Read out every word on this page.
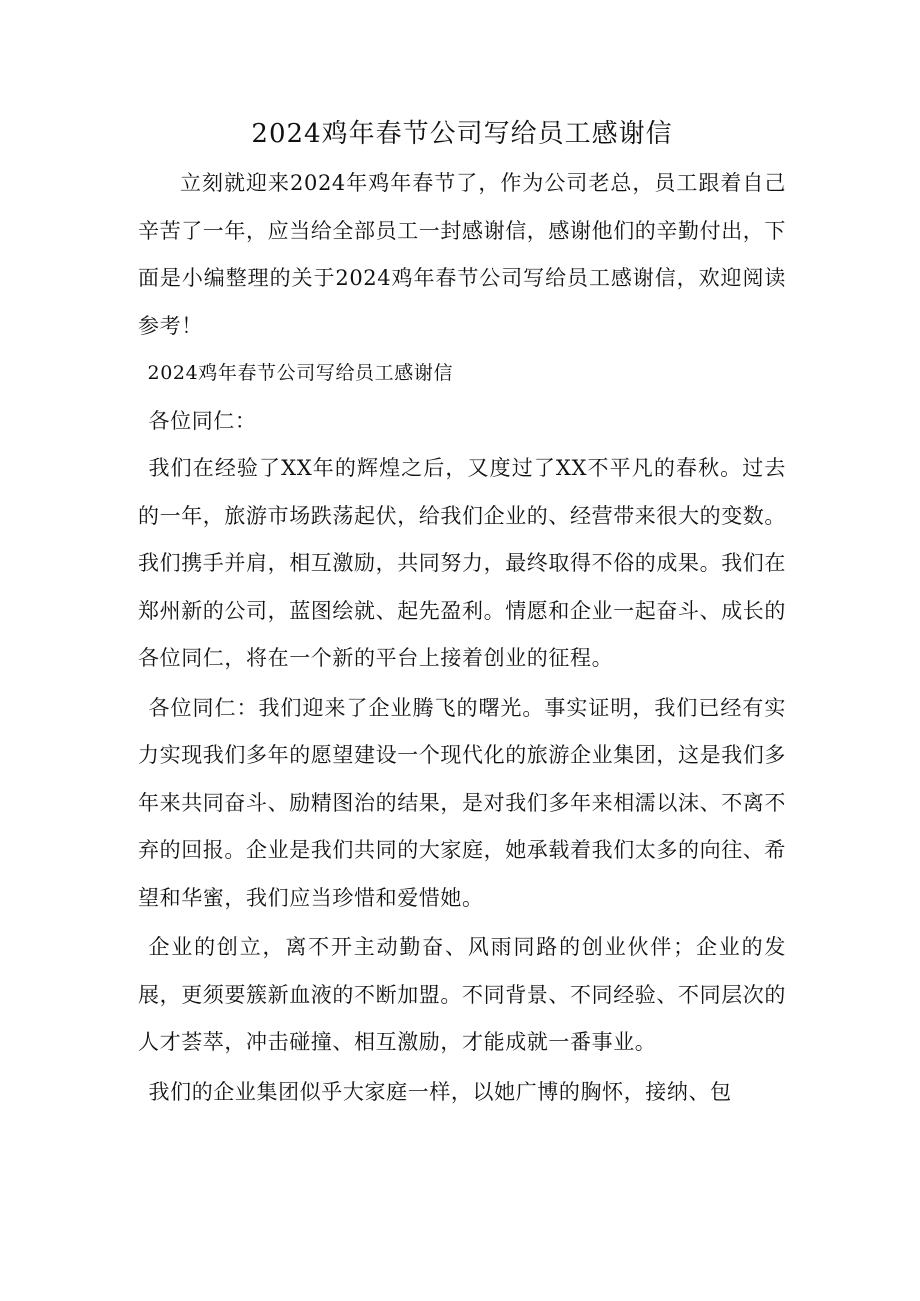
2024鸡年春节公司写给员工感谢信

立刻就迎来2024年鸡年春节了，作为公司老总，员工跟着自己辛苦了一年，应当给全部员工一封感谢信，感谢他们的辛勤付出，下面是小编整理的关于2024鸡年春节公司写给员工感谢信，欢迎阅读参考！

2024鸡年春节公司写给员工感谢信

各位同仁：

我们在经验了XX年的辉煌之后，又度过了XX不平凡的春秋。过去的一年，旅游市场跌荡起伏，给我们企业的、经营带来很大的变数。我们携手并肩，相互激励，共同努力，最终取得不俗的成果。我们在郑州新的公司，蓝图绘就、起先盈利。情愿和企业一起奋斗、成长的各位同仁，将在一个新的平台上接着创业的征程。

各位同仁：我们迎来了企业腾飞的曙光。事实证明，我们已经有实力实现我们多年的愿望建设一个现代化的旅游企业集团，这是我们多年来共同奋斗、励精图治的结果，是对我们多年来相濡以沫、不离不弃的回报。企业是我们共同的大家庭，她承载着我们太多的向往、希望和华蜜，我们应当珍惜和爱惜她。

企业的创立，离不开主动勤奋、风雨同路的创业伙伴；企业的发展，更须要簇新血液的不断加盟。不同背景、不同经验、不同层次的人才荟萃，冲击碰撞、相互激励，才能成就一番事业。

我们的企业集团似乎大家庭一样，以她广博的胸怀，接纳、包
